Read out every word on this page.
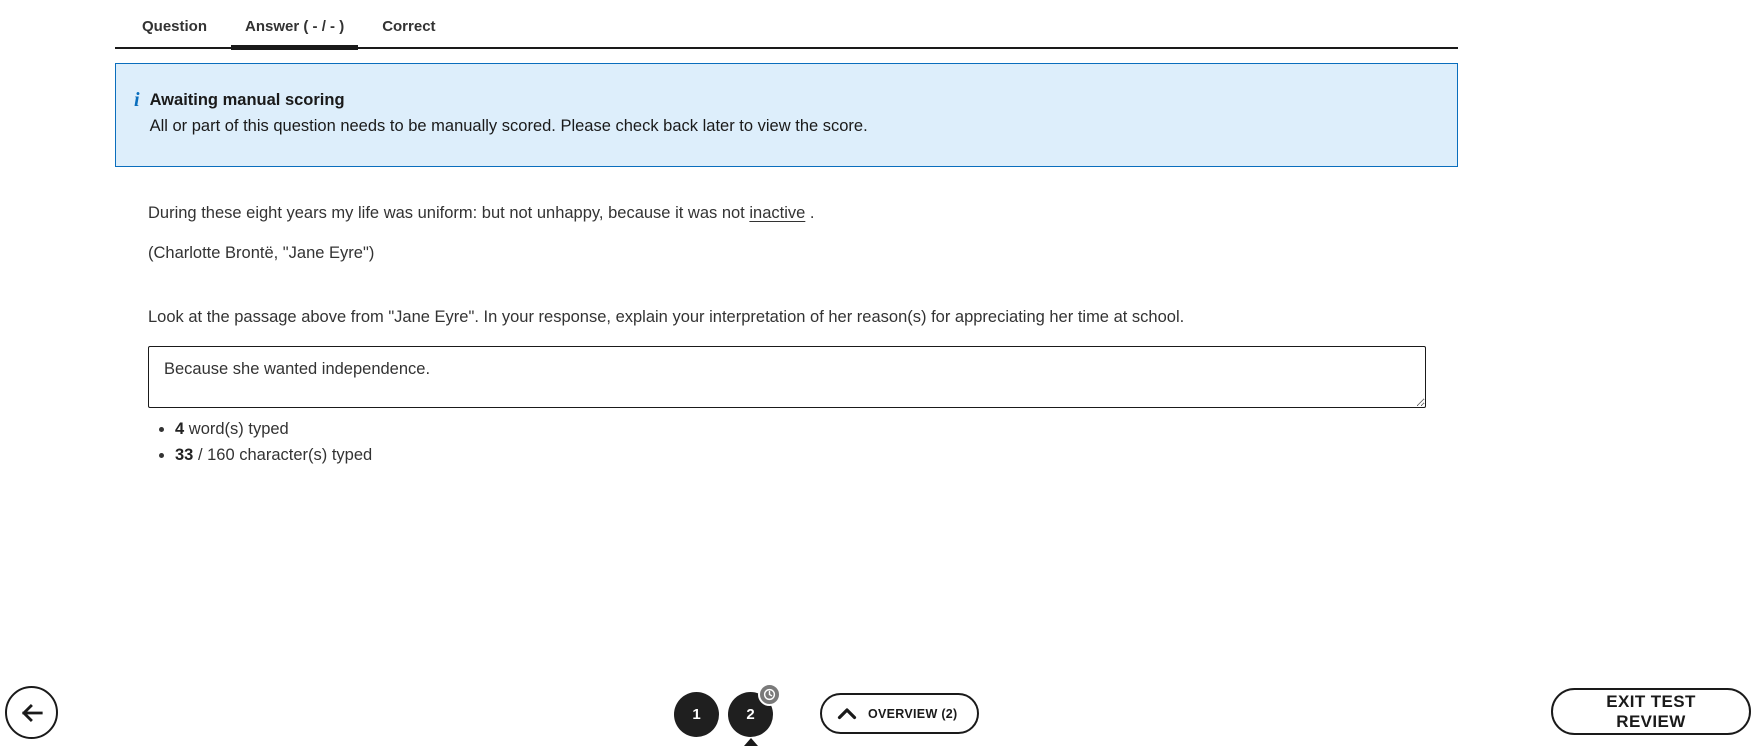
Question	Answer ( - / - )	Correct
i Awaiting manual scoring
All or part of this question needs to be manually scored. Please check back later to view the score.

During these eight years my life was uniform: but not unhappy, because it was not inactive .

(Charlotte Brontë, "Jane Eyre")

Look at the passage above from "Jane Eyre". In your response, explain your interpretation of her reason(s) for appreciating her time at school.

Because she wanted independence.
• 4 word(s) typed
• 33 / 160 character(s) typed
1	2	OVERVIEW (2)
EXIT TEST REVIEW
